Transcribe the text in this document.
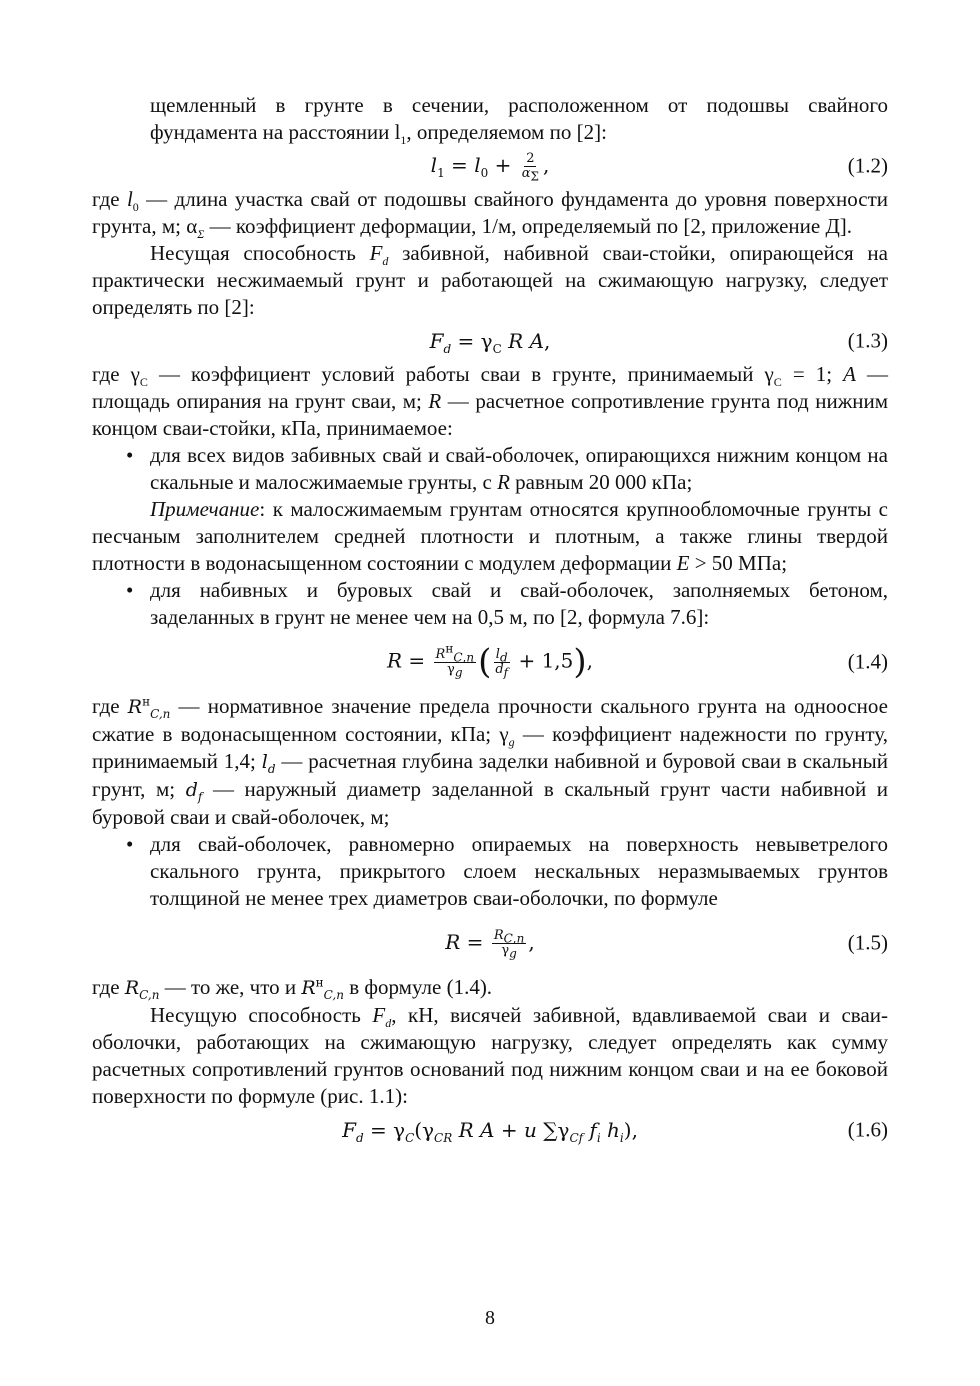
щемленный в грунте в сечении, расположенном от подошвы свайного фундамента на расстоянии $l_1$, определяемом по [2]:

$l_1 = l_0 + \frac{2}{\alpha_\Sigma}$ ,	(1.2)

где $l_0$ — длина участка свай от подошвы свайного фундамента до уровня поверхности грунта, м; $\alpha_\Sigma$ — коэффициент деформации, 1/м, определяемый по [2, приложение Д].

Несущая способность $F_d$ забивной, набивной сваи-стойки, опирающейся на практически несжимаемый грунт и работающей на сжимающую нагрузку, следует определять по [2]:

$F_d = \gamma_C$ R A,	(1.3)

где $\gamma_C$ — коэффициент условий работы сваи в грунте, принимаемый $\gamma_C = 1$; A — площадь опирания на грунт сваи, м; R — расчетное сопротивление грунта под нижним концом сваи-стойки, кПа, принимаемое:

• для всех видов забивных свай и свай-оболочек, опирающихся нижним концом на скальные и малосжимаемые грунты, с R равным 20 000 кПа;

Примечание: к малосжимаемым грунтам относятся крупнообломочные грунты с песчаным заполнителем средней плотности и плотным, а также глины твердой плотности в водонасыщенном состоянии с модулем деформации E > 50 МПа;

• для набивных и буровых свай и свай-оболочек, заполняемых бетоном, заделанных в грунт не менее чем на 0,5 м, по [2, формула 7.6]:
$R = \frac{R^н_{C,n}}{\gamma_g}$ ( $\frac{l_d}{d_f} + 1,5$),	(1.4)

где $R^н_{C,n}$ — нормативное значение предела прочности скального грунта на одноосное сжатие в водонасыщенном состоянии, кПа; $\gamma_g$ — коэффициент надежности по грунту, принимаемый 1,4; $l_d$ — расчетная глубина заделки набивной и буровой сваи в скальный грунт, м; $d_f$ — наружный диаметр заделанной в скальный грунт части набивной и буровой сваи и свай-оболочек, м;

• для свай-оболочек, равномерно опираемых на поверхность невыветрелого скального грунта, прикрытого слоем нескальных неразмываемых грунтов толщиной не менее трех диаметров сваи-оболочки, по формуле
$R = \frac{R_{C,n}}{\gamma_g}$ ,	(1.5)

где $R_{C,n}$ — то же, что и $R^н_{C,n}$ в формуле (1.4).

Несущую способность $F_d$, кН, висячей забивной, вдавливаемой сваи и сваи-оболочки, работающих на сжимающую нагрузку, следует определять как сумму расчетных сопротивлений грунтов оснований под нижним концом сваи и на ее боковой поверхности по формуле (рис. 1.1):

$F_d = \gamma_C(\gamma_{CR}$ R A + u $\sum\gamma_{Cf}$ $f_i$ $h_i$),	(1.6)
8
